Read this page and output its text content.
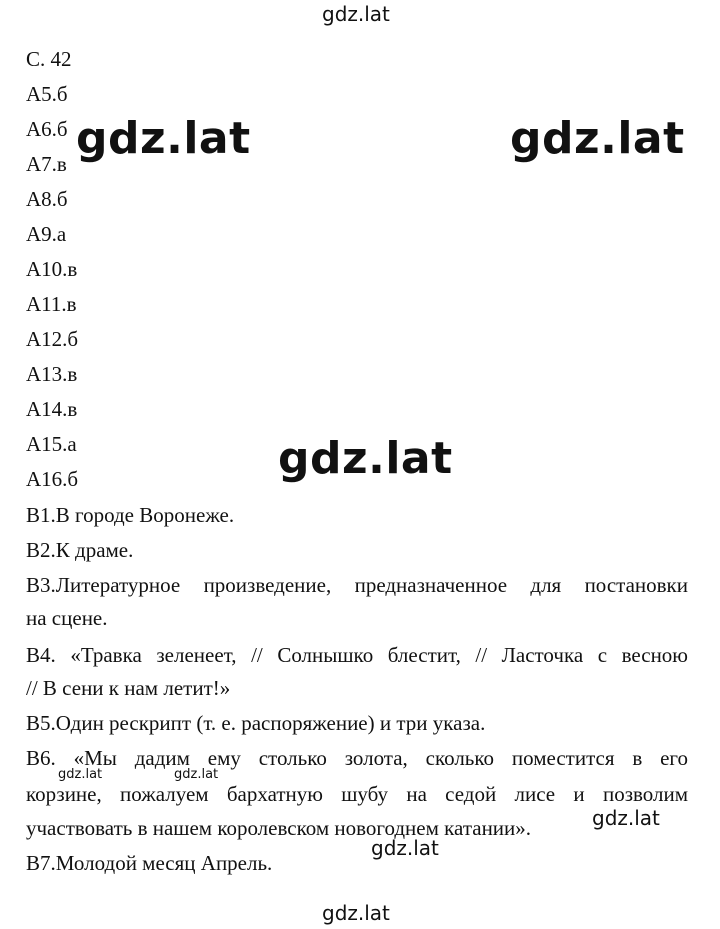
gdz.lat
С. 42
А5.б
А6.б
А7.в
А8.б
А9.а
А10.в
А11.в
А12.б
А13.в
А14.в
А15.а
А16.б
В1.В городе Воронеже.
В2.К драме.
В3.Литературное произведение, предназначенное для постановки
на сцене.
В4. «Травка зеленеет, // Солнышко блестит, // Ласточка с весною
// В сени к нам летит!»
В5.Один рескрипт (т. е. распоряжение) и три указа.
В6. «Мы дадим ему столько золота, сколько поместится в его
корзине, пожалуем бархатную шубу на седой лисе и позволим
участвовать в нашем королевском новогоднем катании».
В7.Молодой месяц Апрель.
gdz.lat	gdz.lat
gdz.lat
gdz.lat	gdz.lat
gdz.lat
gdz.lat
gdz.lat
